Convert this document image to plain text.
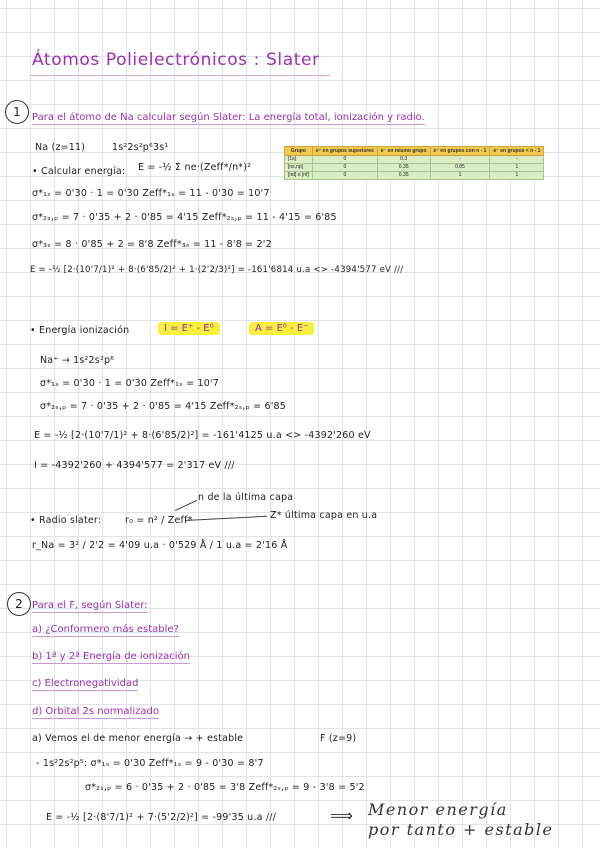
Átomos Polielectrónicos : Slater
1	Para el átomo de Na calcular según Slater: La energía total, ionización y radio.
Na (z=11)	1s²2s²p⁶3s¹
• Calcular energía: E = -½ Σ ne·(Zeff*/n*)²
Grupo	e⁻ en grupos superiores	e⁻ en mismo grupo	e⁻ en grupos con n - 1	e⁻ en grupos < n - 1
[1s]	0	0.3	-	-
[ns,np]	0	0.35	0.85	1
[nd] o [nf]	0	0.35	1	1
σ*₁ₛ = 0'30 · 1 = 0'30 Zeff*₁ₛ = 11 - 0'30 = 10'7
σ*₂ₛ,ₚ = 7 · 0'35 + 2 · 0'85 = 4'15 Zeff*₂ₛ,ₚ = 11 - 4'15 = 6'85
σ*₃ₛ = 8 · 0'85 + 2 = 8'8 Zeff*₃ₛ = 11 - 8'8 = 2'2
E = -½ [2·(10'7/1)² + 8·(6'85/2)² + 1·(2'2/3)²] = -161'6814 u.a <> -4394'577 eV ///
• Energía ionización	I = E⁺ - E⁰	A = E⁰ - E⁻
Na⁺ → 1s²2s²p⁶
σ*₁ₛ = 0'30 · 1 = 0'30 Zeff*₁ₛ = 10'7
σ*₂ₛ,ₚ = 7 · 0'35 + 2 · 0'85 = 4'15 Zeff*₂ₛ,ₚ = 6'85
E = -½ [2·(10'7/1)² + 8·(6'85/2)²] = -161'4125 u.a <> -4392'260 eV
I = -4392'260 + 4394'577 = 2'317 eV ///
n de la última capa
Z* última capa en u.a
• Radio slater: r₀ = n² / Zeff*
r_Na = 3² / 2'2 = 4'09 u.a · 0'529 Å / 1 u.a = 2'16 Å
2 Para el F, según Slater:
a) ¿Conformero más estable?
b) 1ª y 2ª Energía de ionización
c) Electronegatividad
d) Orbital 2s normalizado
a) Vemos el de menor energía → + estable	F (z=9)
- 1s²2s²p⁵: σ*₁ₛ = 0'30 Zeff*₁ₛ = 9 - 0'30 = 8'7
σ*₂ₛ,ₚ = 6 · 0'35 + 2 · 0'85 = 3'8 Zeff*₂ₛ,ₚ = 9 - 3'8 = 5'2
E = -½ [2·(8'7/1)² + 7·(5'2/2)²] = -99'35 u.a ///	⟹ Menor energía
por tanto + estable
